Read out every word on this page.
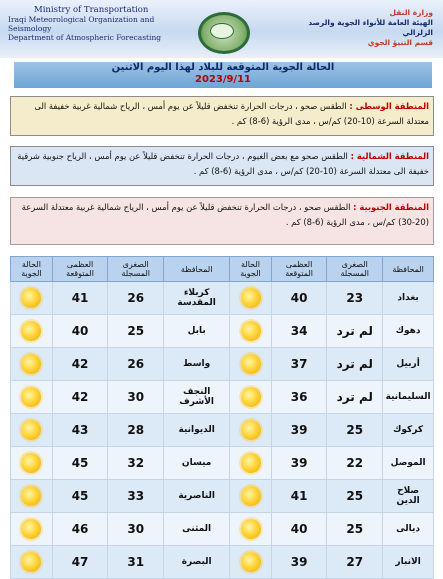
Ministry of Transportation
Iraqi Meteorological Organization and Seismology
Department of Atmospheric Forecasting
وزارة النقل
الهيئة العامة للأنواء الجوية والرصد الزلزالي
قسم التنبؤ الجوي
الحالة الجوية المتوقعة للبلاد لهذا اليوم الاثنين
2023/9/11
المنطقة الوسطى : الطقس صحو ، درجات الحرارة تنخفض قليلاً عن يوم أمس ، الرياح شمالية غربية خفيفة الى معتدلة السرعة (10-20) كم/س ، مدى الرؤية (6-8) كم .
المنطقة الشمالية : الطقس صحو مع بعض الغيوم ، درجات الحرارة تنخفض قليلاً عن يوم أمس ، الرياح جنوبية شرقية خفيفة الى معتدلة السرعة (10-20) كم/س ، مدى الرؤية (6-8) كم .
المنطقة الجنوبية : الطقس صحو ، درجات الحرارة تنخفض قليلاً عن يوم أمس ، الرياح شمالية غربية معتدلة السرعة (20-30) كم/س ، مدى الرؤية (6-8) كم .
المحافظة	الصغرى المسجلة	العظمى المتوقعة	الحالة الجوية	المحافظة	الصغرى المسجلة	العظمى المتوقعة	الحالة الجوية
بغداد	23	40		كربلاء المقدسة	26	41	
دهوك	لم ترد	34		بابل	25	40	
أربيل	لم ترد	37		واسط	26	42	
السليمانية	لم ترد	36		النجف الأشرف	30	42	
كركوك	25	39		الديوانية	28	43	
الموصل	22	39		ميسان	32	45	
صلاح الدين	25	41		الناصرية	33	45	
ديالى	25	40		المثنى	30	46	
الانبار	27	39		البصرة	31	47	
